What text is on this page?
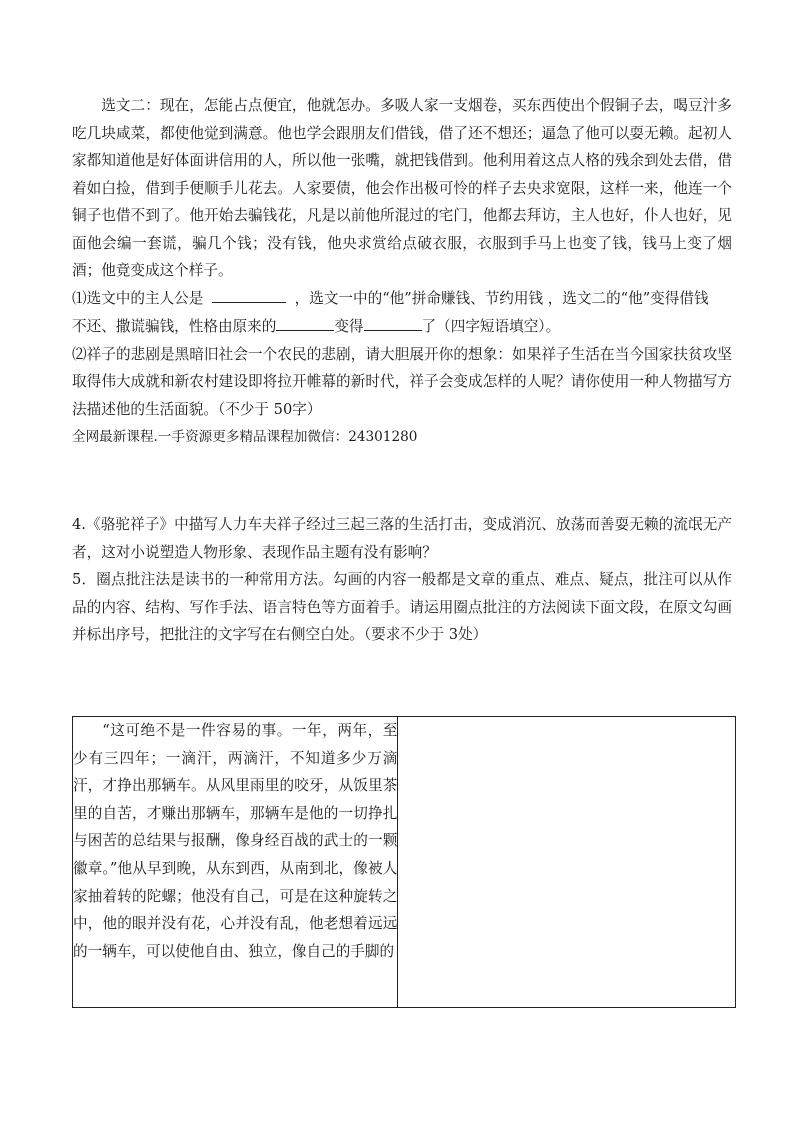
选文二：现在，怎能占点便宜，他就怎办。多吸人家一支烟卷，买东西使出个假铜子去，喝豆汁多吃几块咸菜，都使他觉到满意。他也学会跟朋友们借钱，借了还不想还；逼急了他可以耍无赖。起初人家都知道他是好体面讲信用的人，所以他一张嘴，就把钱借到。他利用着这点人格的残余到处去借，借着如白捡，借到手便顺手儿花去。人家要债，他会作出极可怜的样子去央求宽限，这样一来，他连一个铜子也借不到了。他开始去骗钱花，凡是以前他所混过的宅门，他都去拜访，主人也好，仆人也好，见面他会编一套谎，骗几个钱；没有钱，他央求赏给点破衣服，衣服到手马上也变了钱，钱马上变了烟酒；他竟变成这个样子。

⑴选文中的主人公是	，选文一中的“他”拼命赚钱、节约用钱 ，选文二的“他”变得借钱

不还、撒谎骗钱，性格由原来的	变得	了（四字短语填空）。

⑵祥子的悲剧是黑暗旧社会一个农民的悲剧，请大胆展开你的想象：如果祥子生活在当今国家扶贫攻坚取得伟大成就和新农村建设即将拉开帷幕的新时代，祥子会变成怎样的人呢？请你使用一种人物描写方法描述他的生活面貌。（不少于 50字）

全网最新课程.一手资源更多精品课程加微信：24301280

4.《骆驼祥子》中描写人力车夫祥子经过三起三落的生活打击，变成消沉、放荡而善耍无赖的流氓无产者，这对小说塑造人物形象、表现作品主题有没有影响？

5．圈点批注法是读书的一种常用方法。勾画的内容一般都是文章的重点、难点、疑点，批注可以从作品的内容、结构、写作手法、语言特色等方面着手。请运用圈点批注的方法阅读下面文段，在原文勾画并标出序号，把批注的文字写在右侧空白处。（要求不少于 3处）

“这可绝不是一件容易的事。一年，两年，至少有三四年；一滴汗，两滴汗，不知道多少万滴汗，才挣出那辆车。从风里雨里的咬牙，从饭里茶里的自苦，才赚出那辆车，那辆车是他的一切挣扎与困苦的总结果与报酬，像身经百战的武士的一颗徽章。”他从早到晚，从东到西，从南到北，像被人家抽着转的陀螺；他没有自己，可是在这种旋转之中，他的眼并没有花，心并没有乱，他老想着远远的一辆车，可以使他自由、独立，像自己的手脚的
